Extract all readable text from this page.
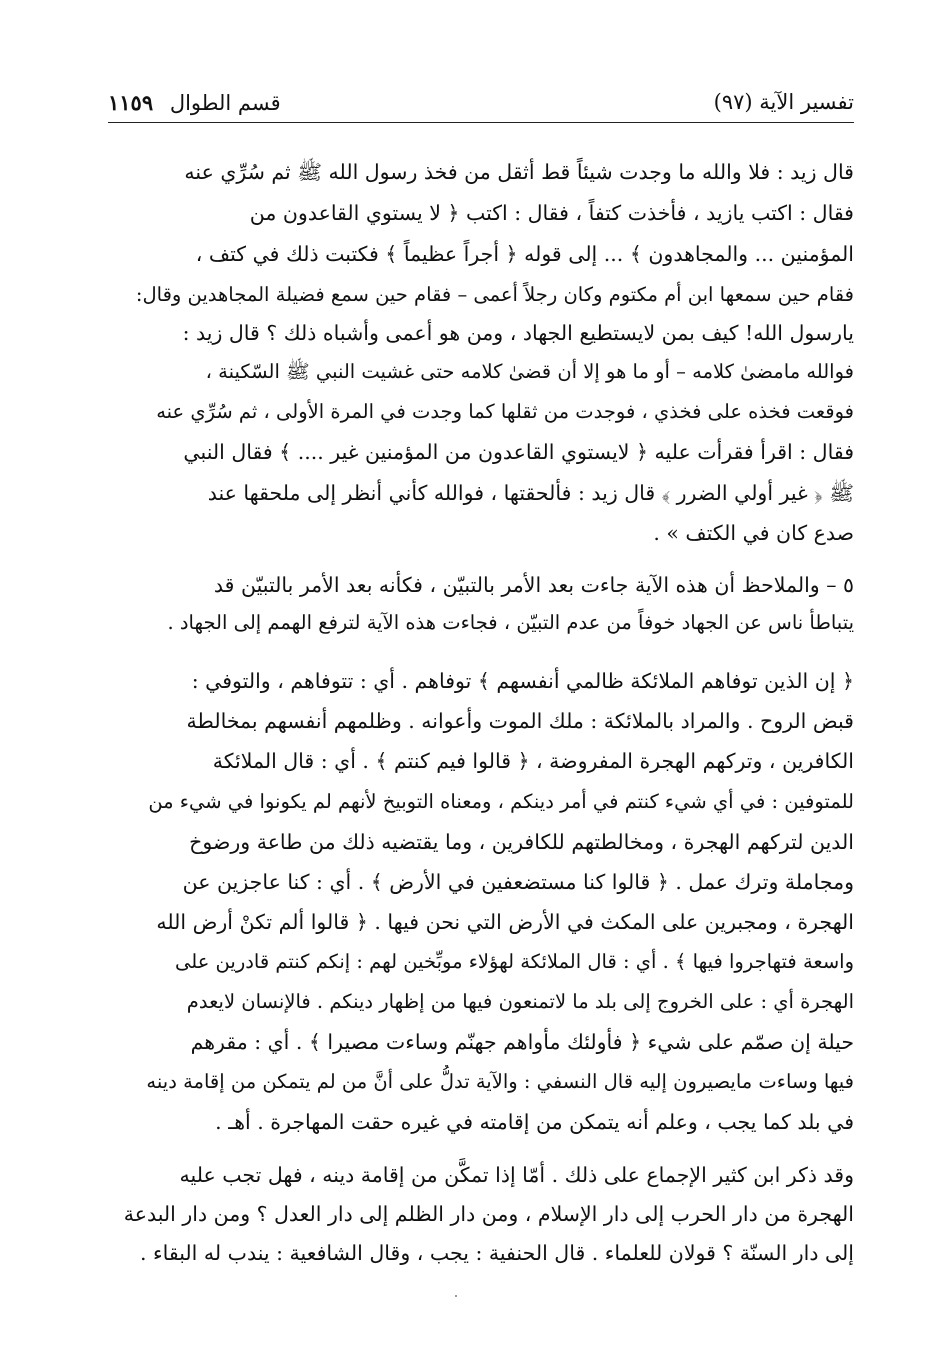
تفسير الآية (٩٧)
قسم الطوال ١١٥٩
قال زيد : فلا والله ما وجدت شيئاً قط أثقل من فخذ رسول الله ﷺ ثم سُرِّي عنه
فقال : اكتب يازيد ، فأخذت كتفاً ، فقال : اكتب ﴿ لا يستوي القاعدون من
المؤمنين ... والمجاهدون ﴾ ... إلى قوله ﴿ أجراً عظيماً ﴾ فكتبت ذلك في كتف ،
فقام حين سمعها ابن أم مكتوم وكان رجلاً أعمى – فقام حين سمع فضيلة المجاهدين وقال:
يارسول الله! كيف بمن لايستطيع الجهاد ، ومن هو أعمى وأشباه ذلك ؟ قال زيد :
فوالله مامضىٰ كلامه – أو ما هو إلا أن قضىٰ كلامه حتى غشيت النبي ﷺ السّكينة ،
فوقعت فخذه على فخذي ، فوجدت من ثقلها كما وجدت في المرة الأولى ، ثم سُرِّي عنه
فقال : اقرأ فقرأت عليه ﴿ لايستوي القاعدون من المؤمنين غير .... ﴾ فقال النبي
ﷺ ﴿ غير أولي الضرر ﴾ قال زيد : فألحقتها ، فوالله كأني أنظر إلى ملحقها عند
صدع كان في الكتف » .
٥ – والملاحظ أن هذه الآية جاءت بعد الأمر بالتبيّن ، فكأنه بعد الأمر بالتبيّن قد
يتباطأ ناس عن الجهاد خوفاً من عدم التبيّن ، فجاءت هذه الآية لترفع الهمم إلى الجهاد .
﴿ إن الذين توفاهم الملائكة ظالمي أنفسهم ﴾ توفاهم . أي : تتوفاهم ، والتوفي :
قبض الروح . والمراد بالملائكة : ملك الموت وأعوانه . وظلمهم أنفسهم بمخالطة
الكافرين ، وتركهم الهجرة المفروضة ، ﴿ قالوا فيم كنتم ﴾ . أي : قال الملائكة
للمتوفين : في أي شيء كنتم في أمر دينكم ، ومعناه التوبيخ لأنهم لم يكونوا في شيء من
الدين لتركهم الهجرة ، ومخالطتهم للكافرين ، وما يقتضيه ذلك من طاعة ورضوخ
ومجاملة وترك عمل . ﴿ قالوا كنا مستضعفين في الأرض ﴾ . أي : كنا عاجزين عن
الهجرة ، ومجبرين على المكث في الأرض التي نحن فيها . ﴿ قالوا ألم تكنْ أرض الله
واسعة فتهاجروا فيها ﴾ . أي : قال الملائكة لهؤلاء موبِّخين لهم : إنكم كنتم قادرين على
الهجرة أي : على الخروج إلى بلد ما لاتمنعون فيها من إظهار دينكم . فالإنسان لايعدم
حيلة إن صمّم على شيء ﴿ فأولئك مأواهم جهنّم وساءت مصيرا ﴾ . أي : مقرهم
فيها وساءت مايصيرون إليه قال النسفي : والآية تدلُّ على أنَّ من لم يتمكن من إقامة دينه
في بلد كما يجب ، وعلم أنه يتمكن من إقامته في غيره حقت المهاجرة . أهـ .
وقد ذكر ابن كثير الإجماع على ذلك . أمّا إذا تمكَّن من إقامة دينه ، فهل تجب عليه
الهجرة من دار الحرب إلى دار الإسلام ، ومن دار الظلم إلى دار العدل ؟ ومن دار البدعة
إلى دار السنّة ؟ قولان للعلماء . قال الحنفية : يجب ، وقال الشافعية : يندب له البقاء .
